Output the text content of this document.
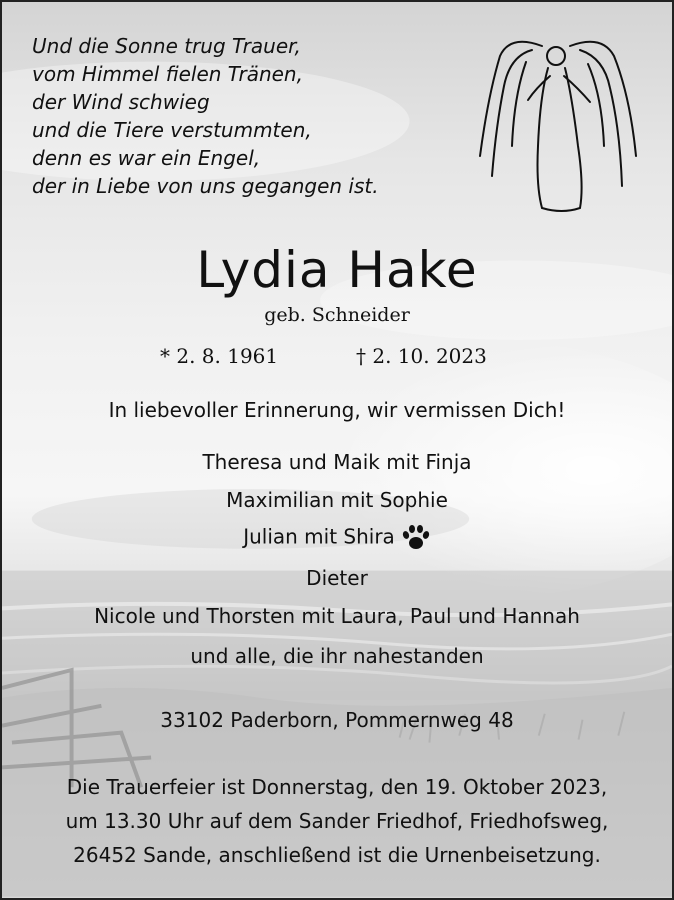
Und die Sonne trug Trauer,
vom Himmel fielen Tränen,
der Wind schwieg
und die Tiere verstummten,
denn es war ein Engel,
der in Liebe von uns gegangen ist.
Lydia Hake
geb. Schneider
* 2. 8. 1961	† 2. 10. 2023
In liebevoller Erinnerung, wir vermissen Dich!
Theresa und Maik mit Finja
Maximilian mit Sophie
Julian mit Shira
Dieter
Nicole und Thorsten mit Laura, Paul und Hannah
und alle, die ihr nahestanden
33102 Paderborn, Pommernweg 48
Die Trauerfeier ist Donnerstag, den 19. Oktober 2023,
um 13.30 Uhr auf dem Sander Friedhof, Friedhofsweg,
26452 Sande, anschließend ist die Urnenbeisetzung.
